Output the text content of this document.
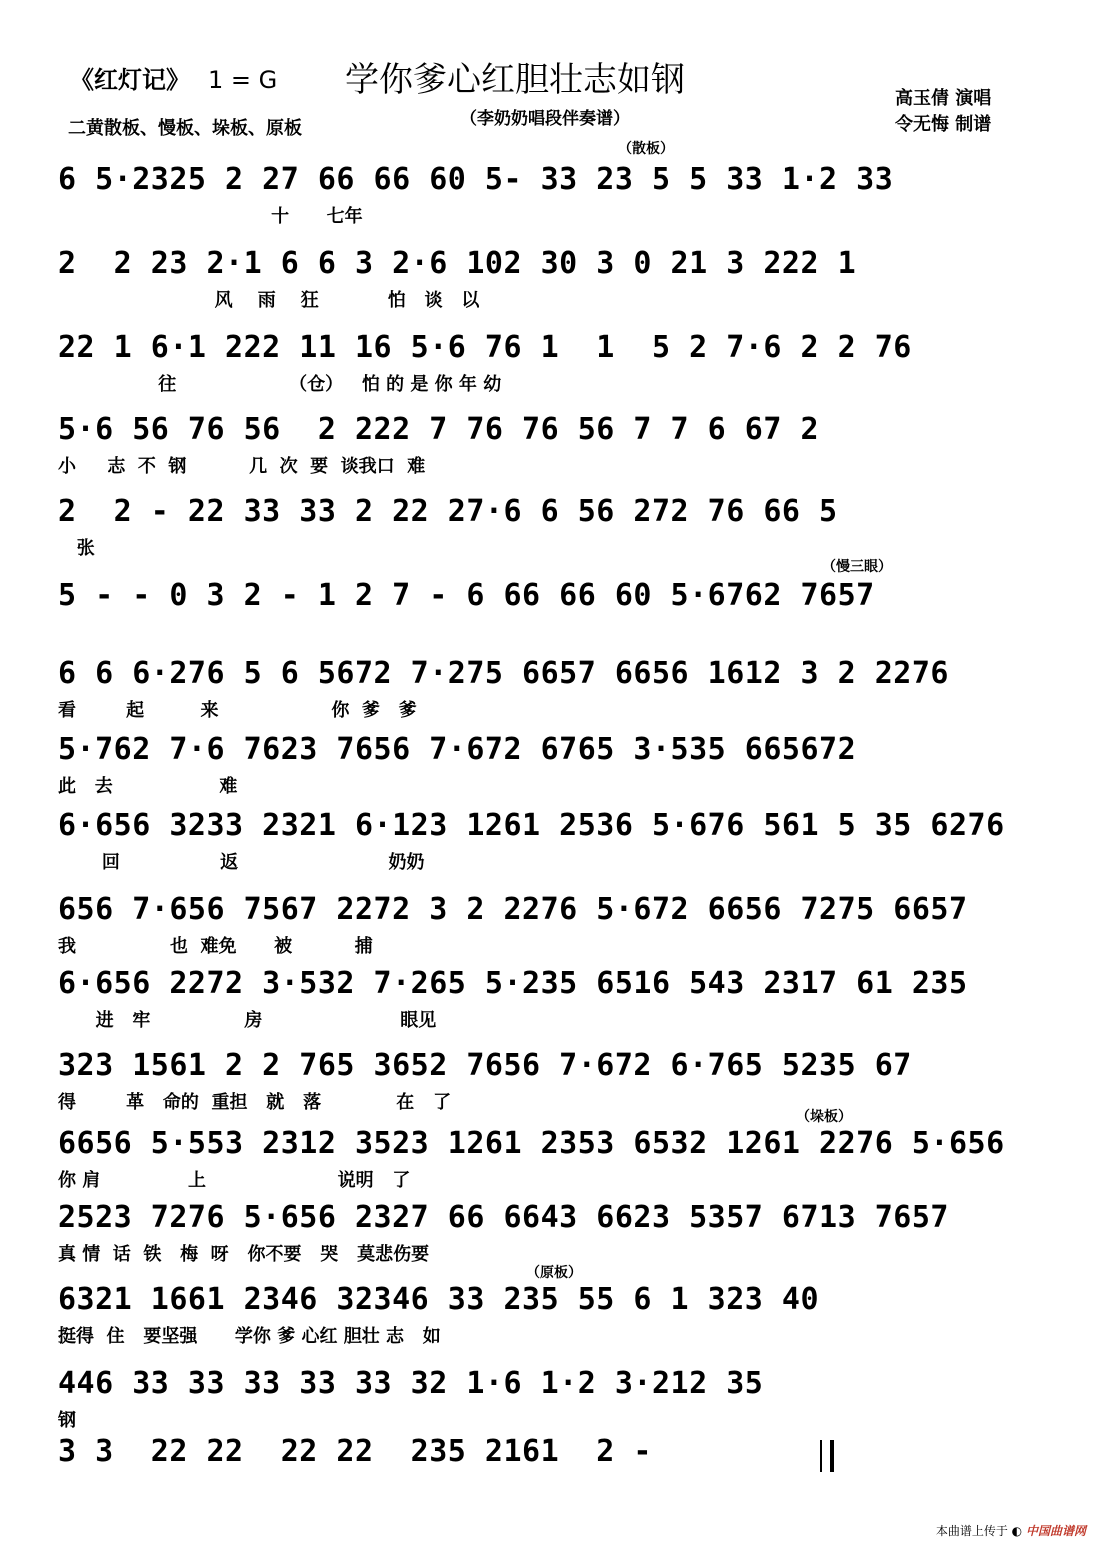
《红灯记》 1 = G 学你爹心红胆壮志如钢
（李奶奶唱段伴奏谱）
二黄散板、慢板、垛板、原板
高玉倩 演唱
令无悔 制谱
（散板）
（慢三眼）
（垛板）
（原板）
6 5·2325 2 27 66 66 60 5- 33 23 5 5 33 1·2 33
十      七年
2  2 23 2·1 6 6 3 2·6 102 30 3 0 21 3 222 1
风    雨    狂           怕   谈   以
22 1 6·1 222 11 16 5·6 76 1  1  5 2 7·6 2 2 76
往                  （仓）   怕 的 是 你 年 幼
5·6 56 76 56  2 222 7 76 76 56 7 7 6 67 2
小     志  不  钢          几  次  要  谈我口  难
2  2 - 22 33 33 2 22 27·6 6 56 272 76 66 5
张
5 - - 0 3 2 - 1 2 7 - 6 66 66 60 5·6762 7657
6 6 6·276 5 6 5672 7·275 6657 6656 1612 3 2 2276
看        起         来                  你  爹   爹
5·762 7·6 7623 7656 7·672 6765 3·535 665672
此   去                 难
6·656 3233 2321 6·123 1261 2536 5·676 561 5 35 6276
回                返                        奶奶
656 7·656 7567 2272 3 2 2276 5·672 6656 7275 6657
我               也  难免      被          捕
6·656 2272 3·532 7·265 5·235 6516 543 2317 61 235
进   牢               房                      眼见
323 1561 2 2 765 3652 7656 7·672 6·765 5235 67
得        革   命的  重担   就   落            在   了
6656 5·553 2312 3523 1261 2353 6532 1261 2276 5·656
你 肩              上                     说明   了
2523 7276 5·656 2327 66 6643 6623 5357 6713 7657
真 情  话  铁   梅  呀   你不要   哭   莫悲伤要
6321 1661 2346 32346 33 235 55 6 1 323 40
挺得  住   要坚强      学你 爹 心红 胆壮 志   如
446 33 33 33 33 33 32 1·6 1·2 3·212 35
钢
3 3  22 22  22 22  235 2161  2 -
本曲谱上传于 ◐ 中国曲谱网
